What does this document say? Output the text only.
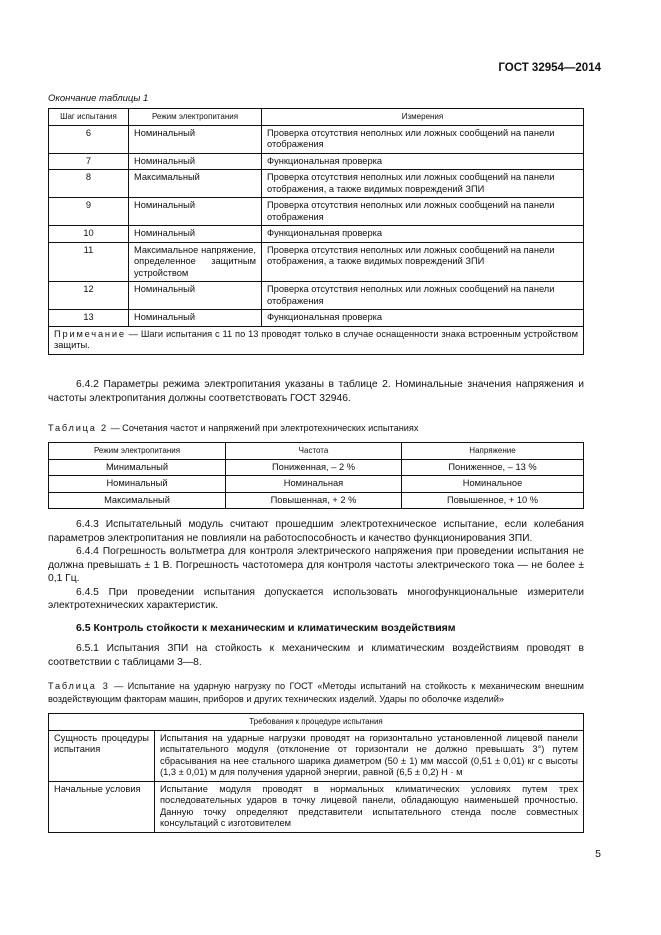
ГОСТ 32954—2014
Окончание таблицы 1
Шаг испытания	Режим электропитания	Измерения
6	Номинальный	Проверка отсутствия неполных или ложных сообщений на панели отображения
7	Номинальный	Функциональная проверка
8	Максимальный	Проверка отсутствия неполных или ложных сообщений на панели отображения, а также видимых повреждений ЗПИ
9	Номинальный	Проверка отсутствия неполных или ложных сообщений на панели отображения
10	Номинальный	Функциональная проверка
11	Максимальное напряжение, определенное защитным устройством	Проверка отсутствия неполных или ложных сообщений на панели отображения, а также видимых повреждений ЗПИ
12	Номинальный	Проверка отсутствия неполных или ложных сообщений на панели отображения
13	Номинальный	Функциональная проверка
Примечание — Шаги испытания с 11 по 13 проводят только в случае оснащенности знака встроенным устройством защиты.		

6.4.2 Параметры режима электропитания указаны в таблице 2. Номинальные значения напряжения и частоты электропитания должны соответствовать ГОСТ 32946.

Таблица 2 — Сочетания частот и напряжений при электротехнических испытаниях
Режим электропитания	Частота	Напряжение
Минимальный	Пониженная, – 2 %	Пониженное, – 13 %
Номинальный	Номинальная	Номинальное
Максимальный	Повышенная, + 2 %	Повышенное, + 10 %

6.4.3 Испытательный модуль считают прошедшим электротехническое испытание, если колебания параметров электропитания не повлияли на работоспособность и качество функционирования ЗПИ.

6.4.4 Погрешность вольтметра для контроля электрического напряжения при проведении испытания не должна превышать ± 1 В. Погрешность частотомера для контроля частоты электрического тока — не более ± 0,1 Гц.

6.4.5 При проведении испытания допускается использовать многофункциональные измерители электротехнических характеристик.

6.5 Контроль стойкости к механическим и климатическим воздействиям

6.5.1 Испытания ЗПИ на стойкость к механическим и климатическим воздействиям проводят в соответствии с таблицами 3—8.

Таблица 3 — Испытание на ударную нагрузку по ГОСТ «Методы испытаний на стойкость к механическим внешним воздействующим факторам машин, приборов и других технических изделий. Удары по оболочке изделий»
Требования к процедуре испытания	
Сущность процедуры испытания	Испытания на ударные нагрузки проводят на горизонтально установленной лицевой панели испытательного модуля (отклонение от горизонтали не должно превышать 3°) путем сбрасывания на нее стального шарика диаметром (50 ± 1) мм массой (0,51 ± 0,01) кг с высоты (1,3 ± 0,01) м для получения ударной энергии, равной (6,5 ± 0,2) Н · м
Начальные условия	Испытание модуля проводят в нормальных климатических условиях путем трех последовательных ударов в точку лицевой панели, обладающую наименьшей прочностью. Данную точку определяют представители испытательного стенда после совместных консультаций с изготовителем
5
